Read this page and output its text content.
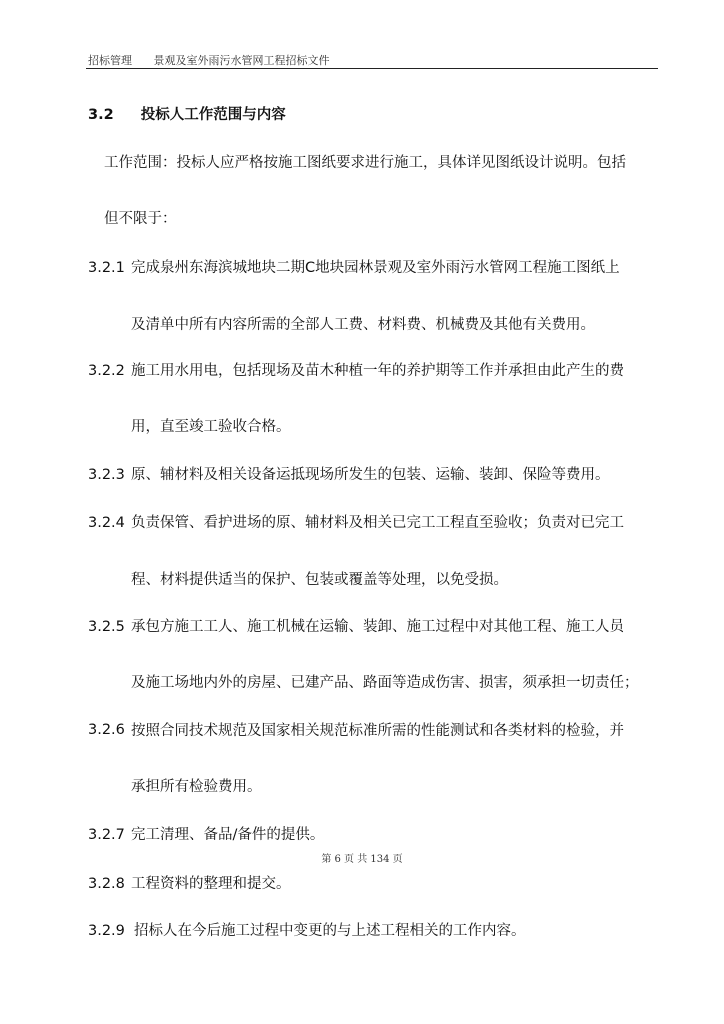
招标管理 景观及室外雨污水管网工程招标文件
3.2 投标人工作范围与内容
工作范围：投标人应严格按施工图纸要求进行施工，具体详见图纸设计说明。包括
但不限于：
3.2.1 完成泉州东海滨城地块二期C地块园林景观及室外雨污水管网工程施工图纸上
及清单中所有内容所需的全部人工费、材料费、机械费及其他有关费用。
3.2.2 施工用水用电，包括现场及苗木种植一年的养护期等工作并承担由此产生的费
用，直至竣工验收合格。
3.2.3 原、辅材料及相关设备运抵现场所发生的包装、运输、装卸、保险等费用。
3.2.4 负责保管、看护进场的原、辅材料及相关已完工工程直至验收；负责对已完工
程、材料提供适当的保护、包装或覆盖等处理，以免受损。
3.2.5 承包方施工工人、施工机械在运输、装卸、施工过程中对其他工程、施工人员
及施工场地内外的房屋、已建产品、路面等造成伤害、损害，须承担一切责任；
3.2.6 按照合同技术规范及国家相关规范标准所需的性能测试和各类材料的检验，并
承担所有检验费用。
3.2.7 完工清理、备品/备件的提供。
第 6 页 共 134 页
3.2.8 工程资料的整理和提交。
3.2.9 招标人在今后施工过程中变更的与上述工程相关的工作内容。
